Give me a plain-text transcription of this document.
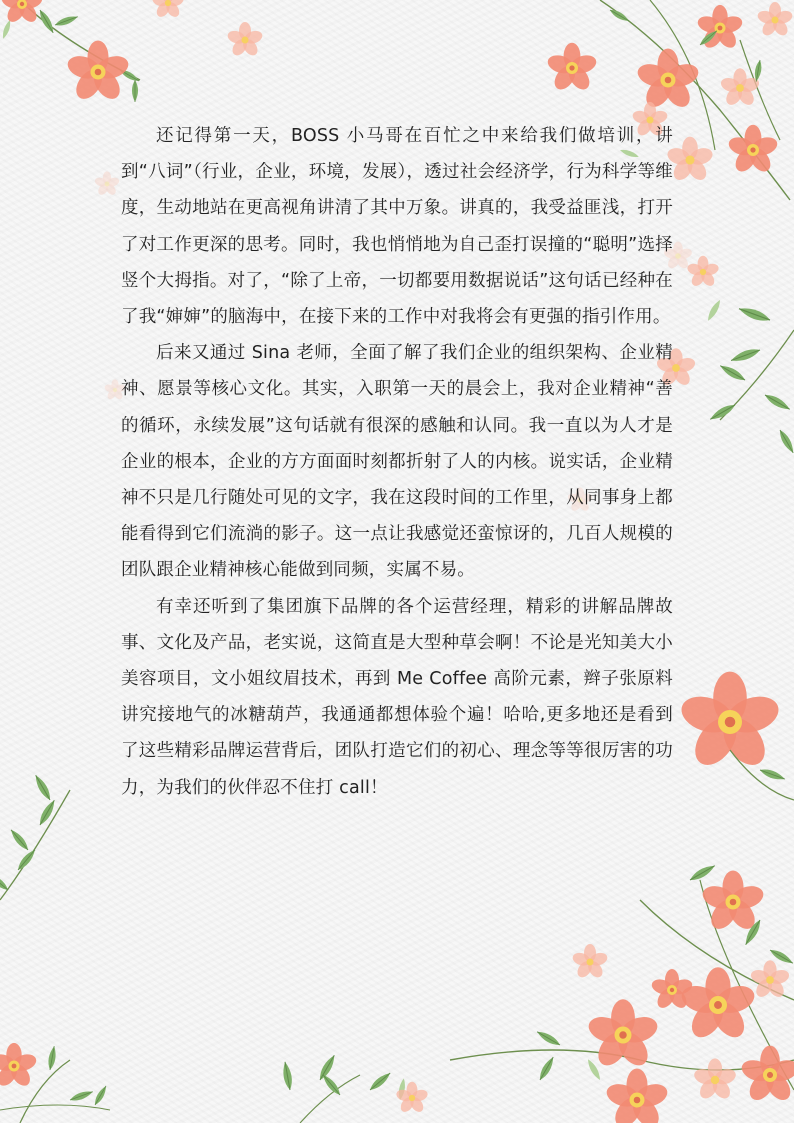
还记得第一天，BOSS 小马哥在百忙之中来给我们做培训，讲到“八词”（行业，企业，环境，发展），透过社会经济学，行为科学等维度，生动地站在更高视角讲清了其中万象。讲真的，我受益匪浅，打开了对工作更深的思考。同时，我也悄悄地为自己歪打误撞的“聪明”选择竖个大拇指。对了，“除了上帝，一切都要用数据说话”这句话已经种在了我“婶婶”的脑海中，在接下来的工作中对我将会有更强的指引作用。

后来又通过 Sina 老师，全面了解了我们企业的组织架构、企业精神、愿景等核心文化。其实，入职第一天的晨会上，我对企业精神“善的循环，永续发展”这句话就有很深的感触和认同。我一直以为人才是企业的根本，企业的方方面面时刻都折射了人的内核。说实话，企业精神不只是几行随处可见的文字，我在这段时间的工作里，从同事身上都能看得到它们流淌的影子。这一点让我感觉还蛮惊讶的，几百人规模的团队跟企业精神核心能做到同频，实属不易。

有幸还听到了集团旗下品牌的各个运营经理，精彩的讲解品牌故事、文化及产品，老实说，这简直是大型种草会啊！不论是光知美大小美容项目，文小姐纹眉技术，再到 Me Coffee 高阶元素，辫子张原料讲究接地气的冰糖葫芦，我通通都想体验个遍！哈哈,更多地还是看到了这些精彩品牌运营背后，团队打造它们的初心、理念等等很厉害的功力，为我们的伙伴忍不住打 call！
